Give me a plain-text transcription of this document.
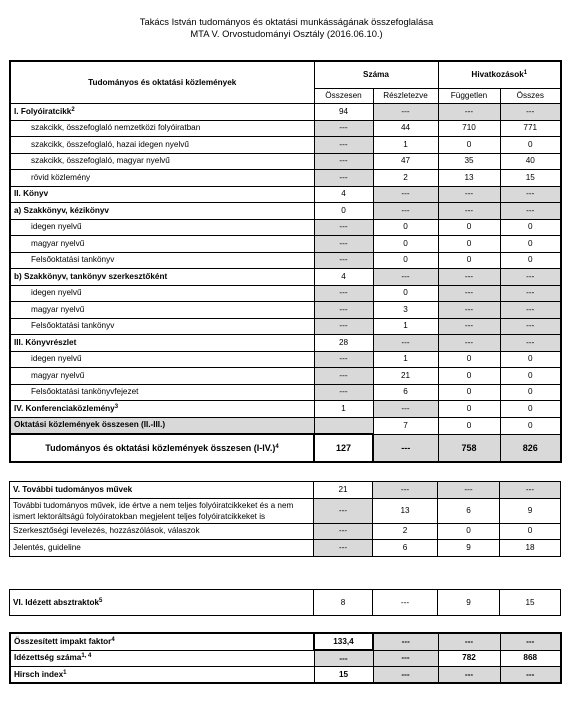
Takács István tudományos és oktatási munkásságának összefoglalása
MTA V. Orvostudományi Osztály (2016.06.10.)
Tudományos és oktatási közlemények	Száma		Hivatkozások$^1$
	Összesen	Részletezve	Független	Összes
I. Folyóiratcikk$^2$	94	---	---	---
szakcikk, összefoglaló nemzetközi folyóiratban	---	44	710	771
szakcikk, összefoglaló, hazai idegen nyelvű	---	1	0	0
szakcikk, összefoglaló, magyar nyelvű	---	47	35	40
rövid közlemény	---	2	13	15
II. Könyv	4	---	---	---
a) Szakkönyv, kézikönyv	0	---	---	---
idegen nyelvű	---	0	0	0
magyar nyelvű	---	0	0	0
Felsőoktatási tankönyv	---	0	0	0
b) Szakkönyv, tankönyv szerkesztőként	4	---	---	---
idegen nyelvű	---	0	---	---
magyar nyelvű	---	3	---	---
Felsőoktatási tankönyv	---	1	---	---
III. Könyvrészlet	28	---	---	---
idegen nyelvű	---	1	0	0
magyar nyelvű	---	21	0	0
Felsőoktatási tankönyvfejezet	---	6	0	0
IV. Konferenciaközlemény$^3$	1	---	0	0
Oktatási közlemények összesen (II.-III.)		7	0	0
Tudományos és oktatási közlemények összesen $(I-IV.)^4$	127	---	758	826
V. További tudományos művek	21	---	---	---
További tudományos művek, ide értve a nem teljes folyóiratcikkeket és a nem ismert lektoráltságú folyóiratokban megjelent teljes folyóiratcikkeket is	---	13	6	9
Szerkesztőségi levelezés, hozzászólások, válaszok	---	2	0	0
Jelentés, guideline	---	6	9	18
VI. Idézett absztraktok$^5$	8	---	9	15
Összesített impakt faktor$^4$	133,4	---	---	---
Idézettség száma$^{1, 4}$	---	---	782	868
Hirsch index$^1$	15	---	---	---
